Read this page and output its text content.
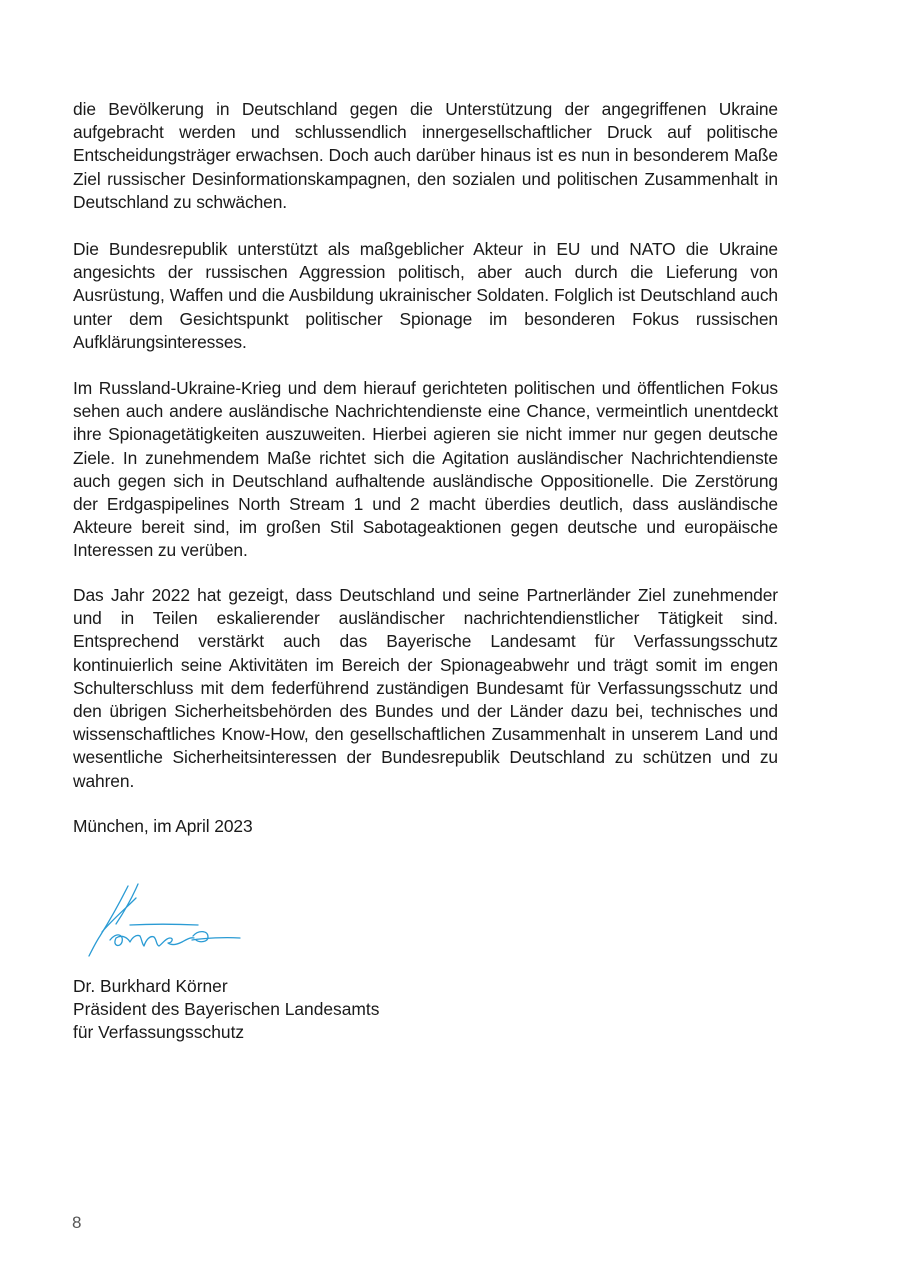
die Bevölkerung in Deutschland gegen die Unterstützung der angegriffenen Ukraine aufgebracht werden und schlussendlich innergesellschaftlicher Druck auf politische Entscheidungsträger erwachsen. Doch auch darüber hinaus ist es nun in besonderem Maße Ziel russischer Desinformationskampagnen, den sozialen und politischen Zusammenhalt in Deutschland zu schwächen.

Die Bundesrepublik unterstützt als maßgeblicher Akteur in EU und NATO die Ukraine angesichts der russischen Aggression politisch, aber auch durch die Lieferung von Ausrüstung, Waffen und die Ausbildung ukrainischer Soldaten. Folglich ist Deutschland auch unter dem Gesichtspunkt politischer Spionage im besonderen Fokus russischen Aufklärungsinteresses.

Im Russland-Ukraine-Krieg und dem hierauf gerichteten politischen und öffentlichen Fokus sehen auch andere ausländische Nachrichtendienste eine Chance, vermeintlich unentdeckt ihre Spionagetätigkeiten auszuweiten. Hierbei agieren sie nicht immer nur gegen deutsche Ziele. In zunehmendem Maße richtet sich die Agitation ausländischer Nachrichtendienste auch gegen sich in Deutschland aufhaltende ausländische Oppositionelle. Die Zerstörung der Erdgaspipelines North Stream 1 und 2 macht überdies deutlich, dass ausländische Akteure bereit sind, im großen Stil Sabotageaktionen gegen deutsche und europäische Interessen zu verüben.

Das Jahr 2022 hat gezeigt, dass Deutschland und seine Partnerländer Ziel zunehmender und in Teilen eskalierender ausländischer nachrichtendienstlicher Tätigkeit sind. Entsprechend verstärkt auch das Bayerische Landesamt für Verfassungsschutz kontinuierlich seine Aktivitäten im Bereich der Spionageabwehr und trägt somit im engen Schulterschluss mit dem federführend zuständigen Bundesamt für Verfassungsschutz und den übrigen Sicherheitsbehörden des Bundes und der Länder dazu bei, technisches und wissenschaftliches Know-How, den gesellschaftlichen Zusammenhalt in unserem Land und wesentliche Sicherheitsinteressen der Bundesrepublik Deutschland zu schützen und zu wahren.

München, im April 2023

Dr. Burkhard Körner
Präsident des Bayerischen Landesamts
für Verfassungsschutz
8
